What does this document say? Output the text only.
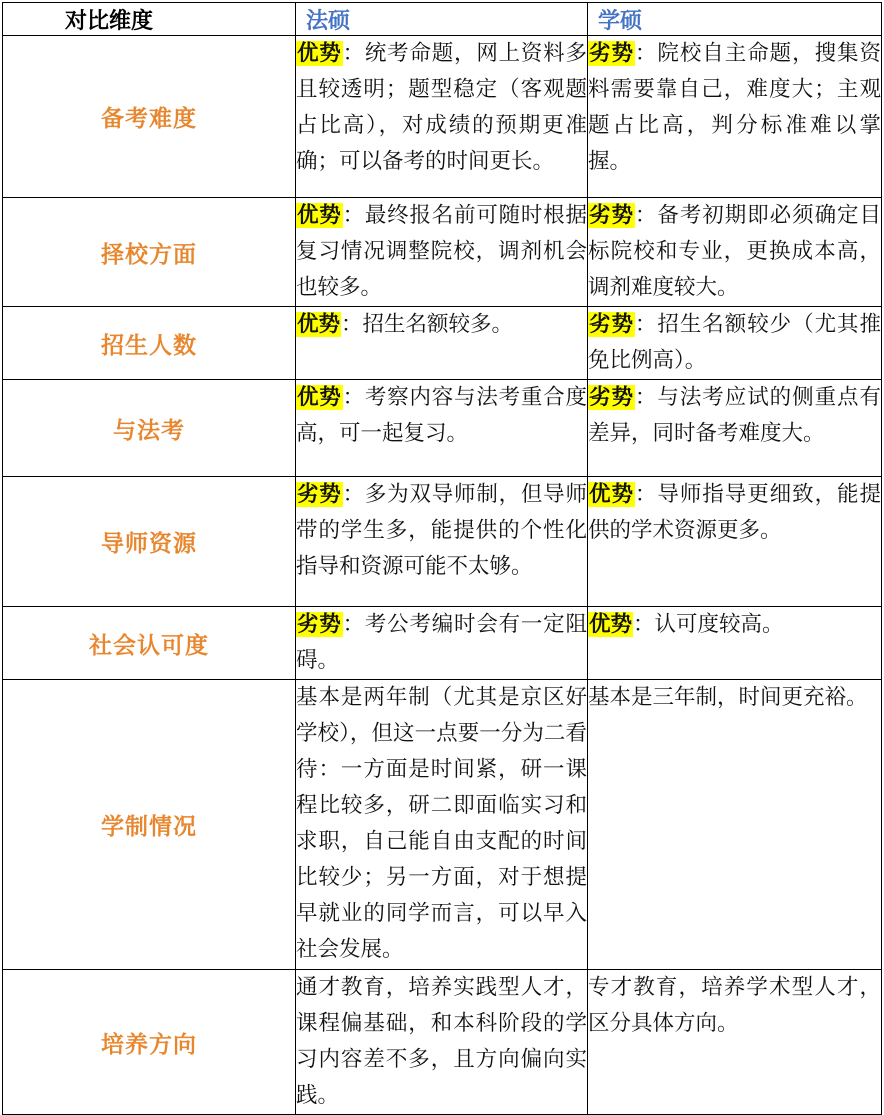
对比维度	法硕	学硕
备考难度	优势：统考命题，网上资料多且较透明；题型稳定（客观题占比高），对成绩的预期更准确；可以备考的时间更长。	劣势：院校自主命题，搜集资料需要靠自己，难度大；主观题占比高，判分标准难以掌握。
择校方面	优势：最终报名前可随时根据复习情况调整院校，调剂机会也较多。	劣势：备考初期即必须确定目标院校和专业，更换成本高，调剂难度较大。
招生人数	优势：招生名额较多。	劣势：招生名额较少（尤其推免比例高）。
与法考	优势：考察内容与法考重合度高，可一起复习。	劣势：与法考应试的侧重点有差异，同时备考难度大。
导师资源	劣势：多为双导师制，但导师带的学生多，能提供的个性化指导和资源可能不太够。	优势：导师指导更细致，能提供的学术资源更多。
社会认可度	劣势：考公考编时会有一定阻碍。	优势：认可度较高。
学制情况	基本是两年制（尤其是京区好学校），但这一点要一分为二看待：一方面是时间紧，研一课程比较多，研二即面临实习和求职，自己能自由支配的时间比较少；另一方面，对于想提早就业的同学而言，可以早入社会发展。	基本是三年制，时间更充裕。
培养方向	通才教育，培养实践型人才，课程偏基础，和本科阶段的学习内容差不多，且方向偏向实践。	专才教育，培养学术型人才，区分具体方向。
